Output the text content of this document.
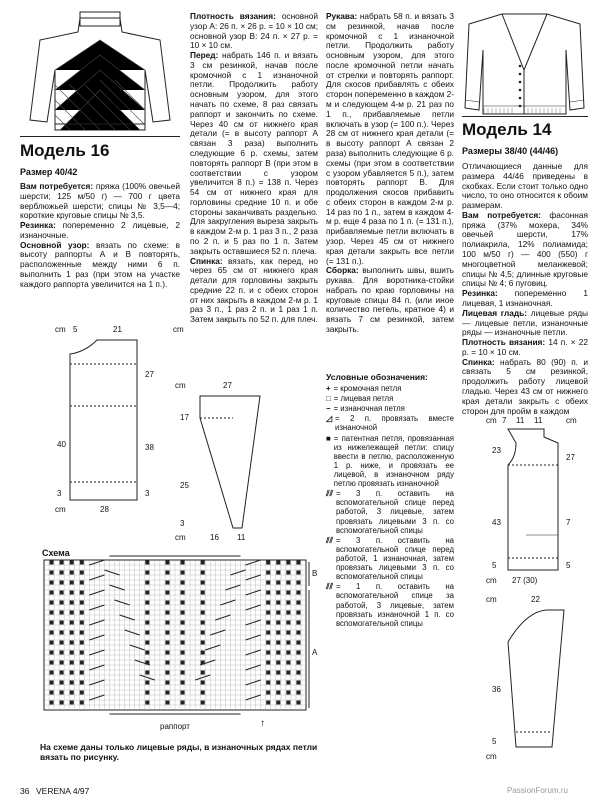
Модель 16
Размер 40/42

Вам потребуется: пряжа (100% овечьей шерсти; 125 м/50 г) — 700 г цвета верблюжьей шерсти; спицы № 3,5—4; короткие круговые спицы № 3,5.

Резинка: попеременно 2 лицевые, 2 изнаночные.

Основной узор: вязать по схеме: в высоту раппорты А и В повторять, расположенные между ними 6 п. выполнить 1 раз (при этом на участке каждого раппорта увеличится на 1 п.).

cm 5	21	cm
27
38
40
3	3
cm	28
cm	27
17
25
3
cm	16 11

Плотность вязания: основной узор А: 26 п. × 26 р. = 10 × 10 см; основной узор В: 24 п. × 27 р. = 10 × 10 см.

Перед: набрать 146 п. и вязать 3 см резинкой, начав после кромочной с 1 изнаночной петли. Продолжить работу основным узором, для этого начать по схеме, 8 раз связать раппорт и закончить по схеме. Через 40 см от нижнего края детали (= в высоту раппорт А связан 3 раза) выполнить следующие 6 р. схемы, затем повторять раппорт В (при этом в соответствии с узором увеличится 8 п.) = 138 п. Через 54 см от нижнего края для горловины средние 10 п. и обе стороны заканчивать раздельно. Для закругления выреза закрыть в каждом 2-м р. 1 раз 3 п., 2 раза по 2 п. и 5 раз по 1 п. Затем закрыть оставшиеся 52 п. плеча.

Спинка: вязать, как перед, но через 65 см от нижнего края детали для горловины закрыть средние 22 п. и с обеих сторон от них закрыть в каждом 2-м р. 1 раз 3 п., 1 раз 2 п. и 1 раз 1 п. Затем закрыть по 52 п. для плеч.

Рукава: набрать 58 п. и вязать 3 см резинкой, начав после кромочной с 1 изнаночной петли. Продолжить работу основным узором, для этого после кромочной петли начать от стрелки и повторять раппорт. Для скосов прибавлять с обеих сторон попеременно в каждом 2-м и следующем 4-м р. 21 раз по 1 п., прибавляемые петли включать в узор (= 100 п.). Через 28 см от нижнего края детали (= в высоту раппорт А связан 2 раза) выполнить следующие 6 р. схемы (при этом в соответствии с узором убавляется 5 п.), затем повторять раппорт В. Для продолжения скосов прибавить с обеих сторон в каждом 2-м р. 14 раз по 1 п., затем в каждом 4-м р. еще 4 раза по 1 п. (= 131 п.), прибавляемые петли включать в узор. Через 45 см от нижнего края детали закрыть все петли (= 131 п.).

Сборка: выполнить швы, вшить рукава. Для воротника-стойки набрать по краю горловины на круговые спицы 84 п. (или иное количество петель, кратное 4) и вязать 7 см резинкой, затем закрыть.

Условные обозначения:
+ = кромочная петля
□ = лицевая петля
− = изнаночная петля
◿ = 2 п. провязать вместе изнаночной
■ = патентная петля, провязанная из нижележащей петли: спицу ввести в петлю, расположенную 1 р. ниже, и провязать ее лицевой, в изнаночном ряду петлю провязать изнаночной
⫽⫽ = 3 п. оставить на вспомогательной спице перед работой, 3 лицевые, затем провязать лицевыми 3 п. со вспомогательной спицы
⫽⫽ = 3 п. оставить на вспомогательной спице перед работой, 1 изнаночная, затем провязать лицевыми 3 п. со вспомогательной спицы
⫽⫽ = 1 п. оставить на вспомогательной спице за работой, 3 лицевые, затем провязать изнаночной 1 п. со вспомогательной спицы
Модель 14
Размеры 38/40 (44/46)

Отличающиеся данные для размера 44/46 приведены в скобках. Если стоит только одно число, то оно относится к обоим размерам.

Вам потребуется: фасонная пряжа (37% мохера, 34% овечьей шерсти, 17% полиакрила, 12% полиамида; 100 м/50 г) — 400 (550) г многоцветной меланжевой; спицы № 4,5; длинные круговые спицы № 4; 6 пуговиц.

Резинка: попеременно 1 лицевая, 1 изнаночная.

Лицевая гладь: лицевые ряды — лицевые петли, изнаночные ряды — изнаночные петли.

Плотность вязания: 14 п. × 22 р. = 10 × 10 см.

Спинка: набрать 80 (90) п. и связать 5 см резинкой, продолжить работу лицевой гладью. Через 43 см от нижнего края детали закрыть с обеих сторон для пройм в каждом

cm 7 11 11	cm
23
27
43	7
5	5
cm 27 (30)
cm	22
36
5
cm
Схема
B
A
раппорт	↑
На схеме даны только лицевые ряды, в изнаночных рядах петли вязать по рисунку.
36 VERENA 4/97	PassionForum.ru
